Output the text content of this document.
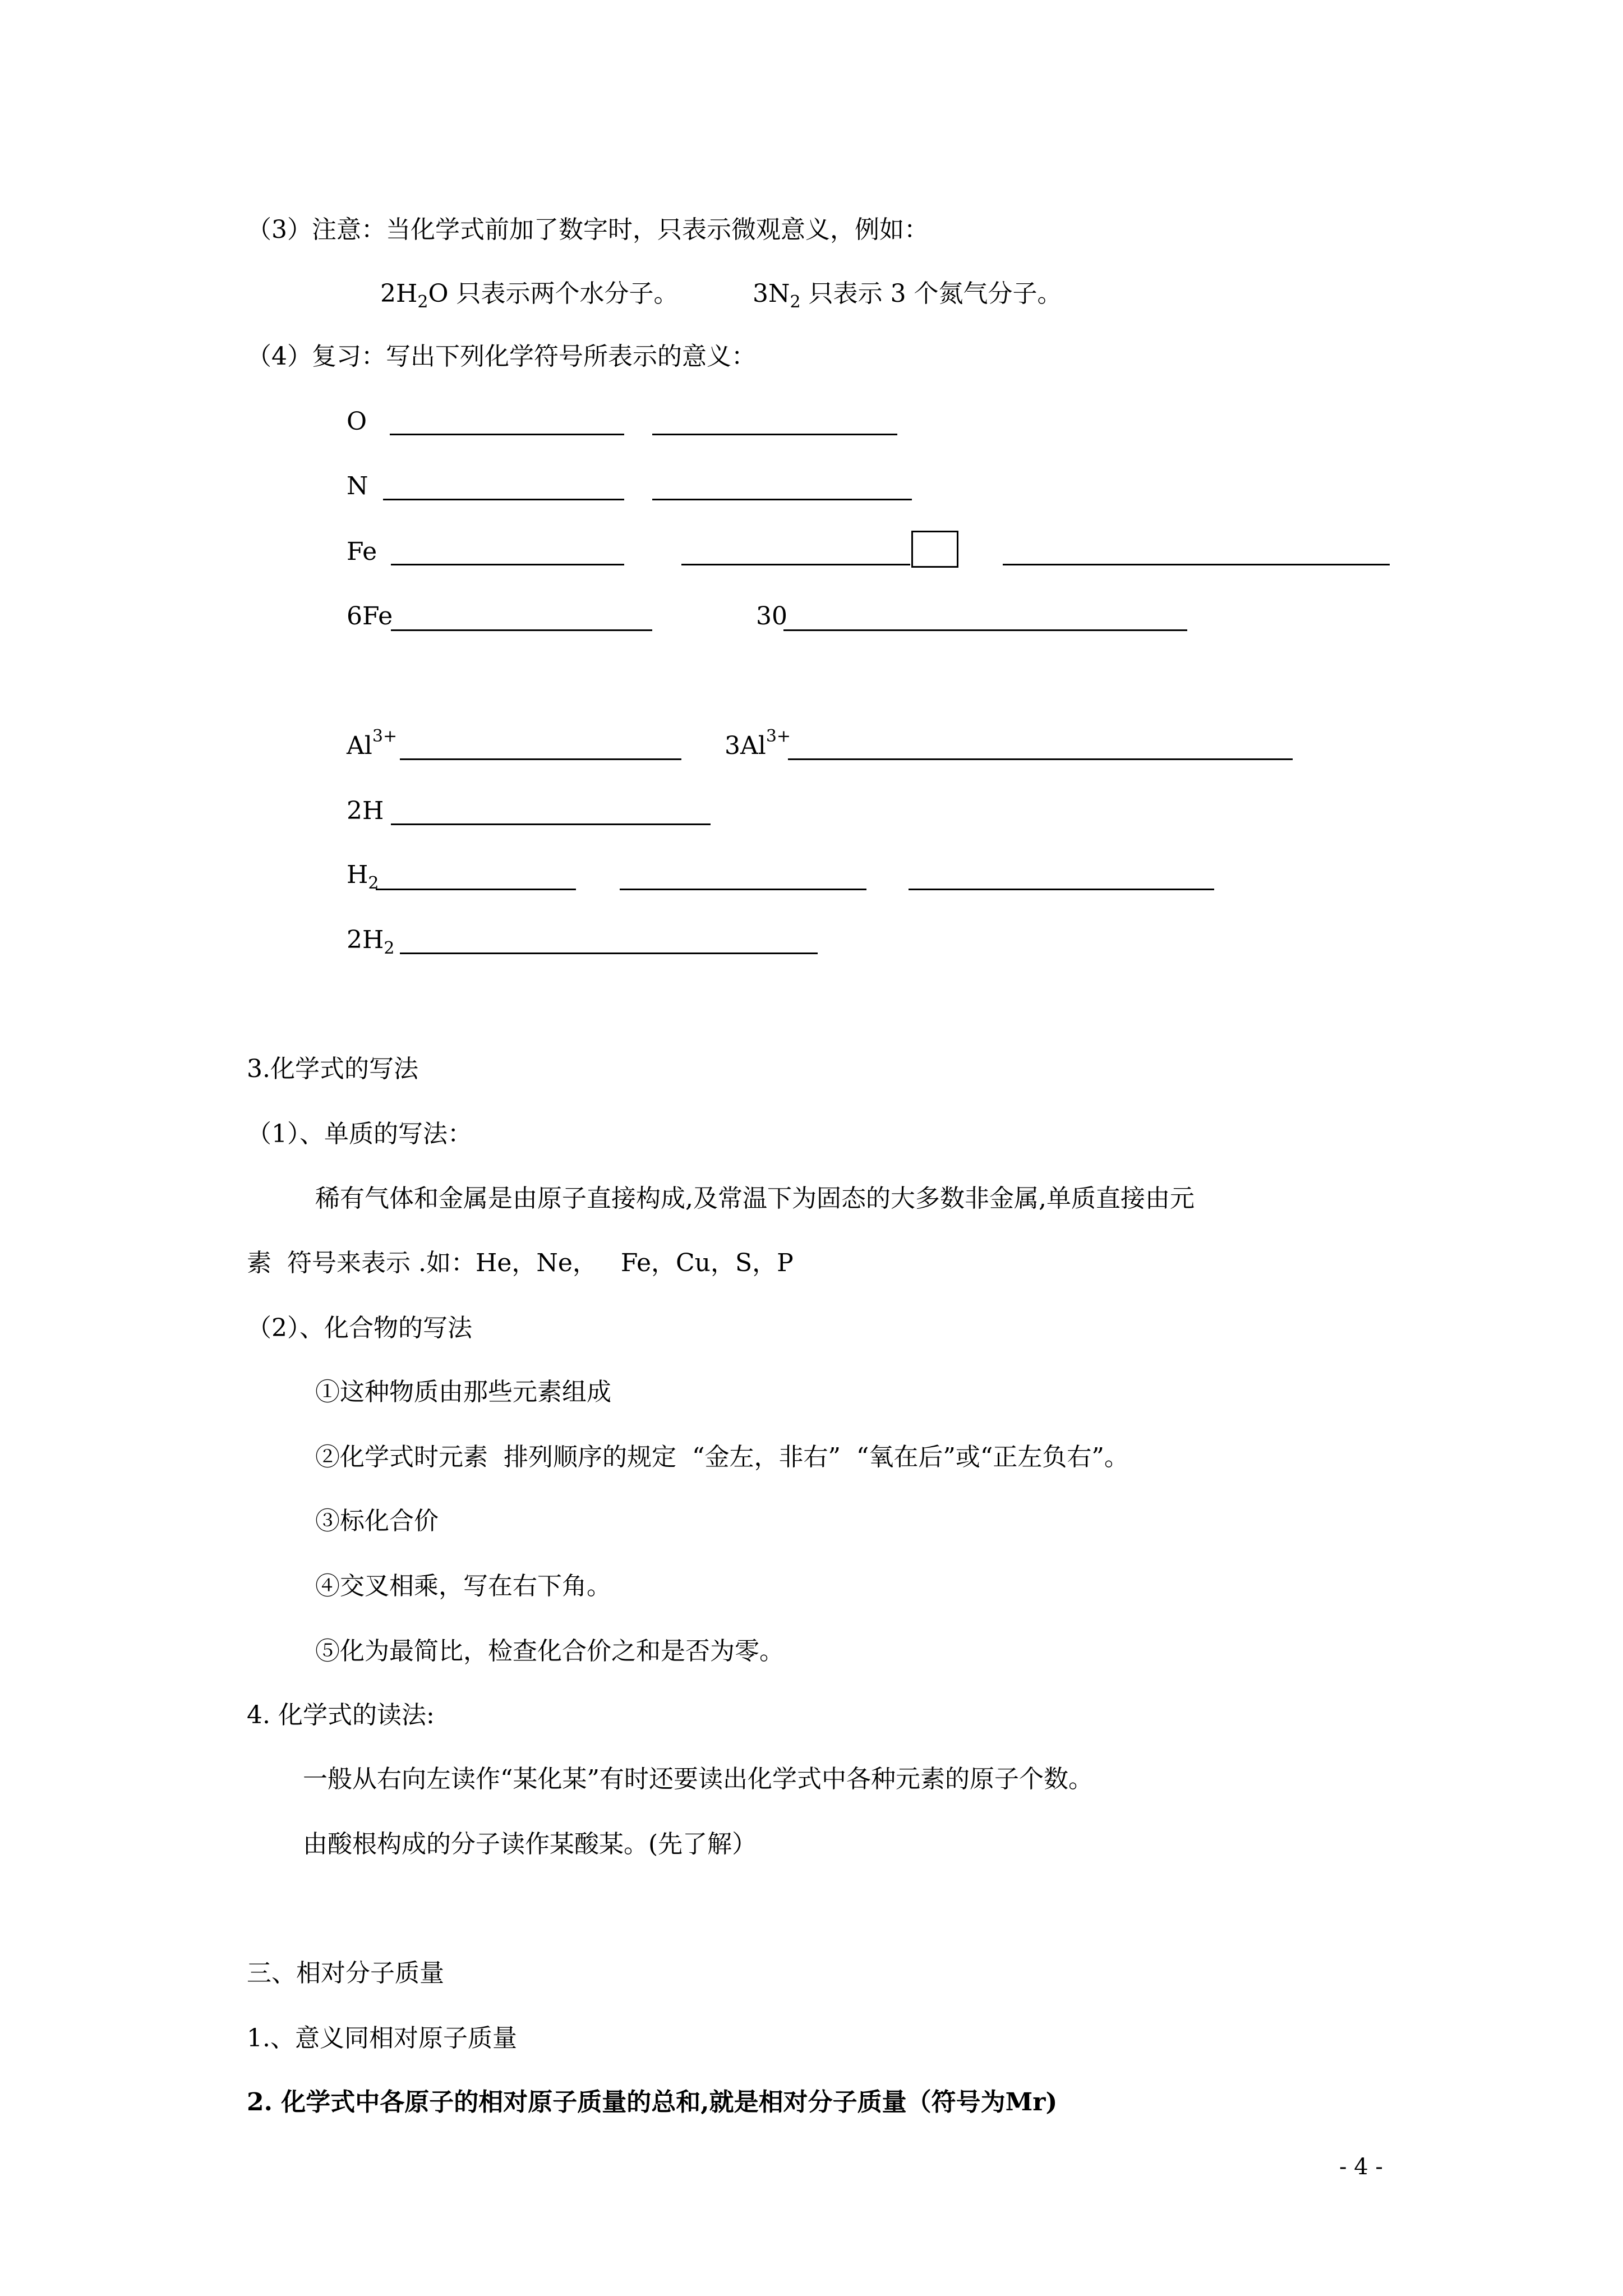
（3）注意：当化学式前加了数字时，只表示微观意义，例如：
$2H_2O$ 只表示两个水分子。	$3N_2$ 只表示 3 个氮气分子。
（4）复习：写出下列化学符号所表示的意义：
O
N
Fe
6Fe	30
$Al^{3+}$	$3Al^{3+}$
2H
$H_2$
$2H_2$
3.化学式的写法
（1）、单质的写法：
稀有气体和金属是由原子直接构成,及常温下为固态的大多数非金属,单质直接由元
素  符号来表示 .如：He，Ne，   Fe，Cu，S，P
（2）、化合物的写法
①这种物质由那些元素组成
②化学式时元素  排列顺序的规定  “金左，非右”  “氧在后”或“正左负右”。
③标化合价
④交叉相乘，写在右下角。
⑤化为最简比，检查化合价之和是否为零。
4. 化学式的读法:
一般从右向左读作“某化某”有时还要读出化学式中各种元素的原子个数。
由酸根构成的分子读作某酸某。(先了解）
三、相对分子质量
1.、意义同相对原子质量
2. 化学式中各原子的相对原子质量的总和,就是相对分子质量（符号为Mr)
- 4 -
